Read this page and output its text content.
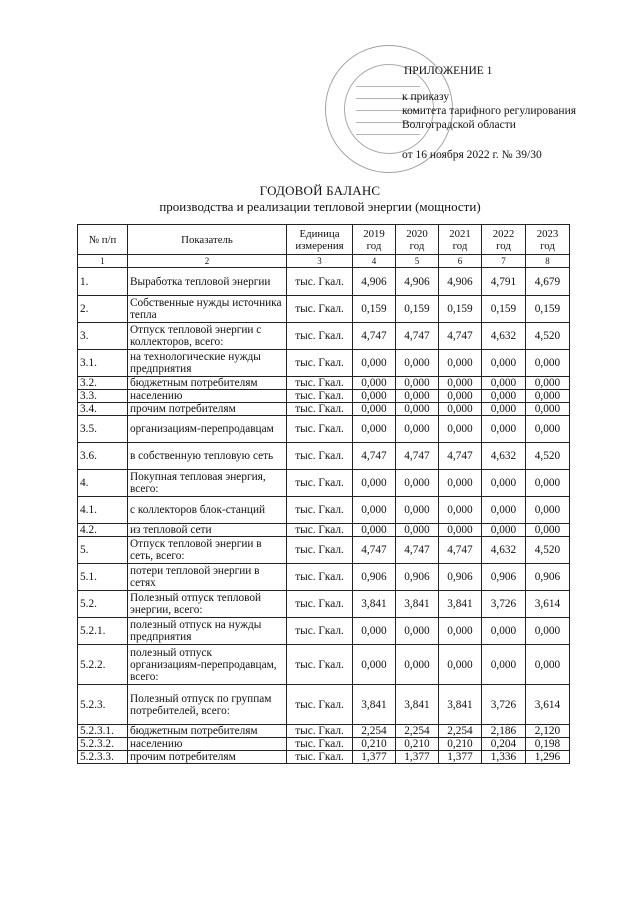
ПРИЛОЖЕНИЕ 1
к приказу
комитета тарифного регулирования
Волгоградской области
от 16 ноября 2022 г. № 39/30
ГОДОВОЙ БАЛАНС
производства и реализации тепловой энергии (мощности)
№ п/п	Показатель	Единица измерения	2019 год	2020 год	2021 год	2022 год	2023 год
1	2	3	4	5	6	7	8
1.	Выработка тепловой энергии	тыс. Гкал.	4,906	4,906	4,906	4,791	4,679
2.	Собственные нужды источника тепла	тыс. Гкал.	0,159	0,159	0,159	0,159	0,159
3.	Отпуск тепловой энергии с коллекторов, всего:	тыс. Гкал.	4,747	4,747	4,747	4,632	4,520
3.1.	на технологические нужды предприятия	тыс. Гкал.	0,000	0,000	0,000	0,000	0,000
3.2.	бюджетным потребителям	тыс. Гкал.	0,000	0,000	0,000	0,000	0,000
3.3.	населению	тыс. Гкал.	0,000	0,000	0,000	0,000	0,000
3.4.	прочим потребителям	тыс. Гкал.	0,000	0,000	0,000	0,000	0,000
3.5.	организациям-перепродавцам	тыс. Гкал.	0,000	0,000	0,000	0,000	0,000
3.6.	в собственную тепловую сеть	тыс. Гкал.	4,747	4,747	4,747	4,632	4,520
4.	Покупная тепловая энергия, всего:	тыс. Гкал.	0,000	0,000	0,000	0,000	0,000
4.1.	с коллекторов блок-станций	тыс. Гкал.	0,000	0,000	0,000	0,000	0,000
4.2.	из тепловой сети	тыс. Гкал.	0,000	0,000	0,000	0,000	0,000
5.	Отпуск тепловой энергии в сеть, всего:	тыс. Гкал.	4,747	4,747	4,747	4,632	4,520
5.1.	потери тепловой энергии в сетях	тыс. Гкал.	0,906	0,906	0,906	0,906	0,906
5.2.	Полезный отпуск тепловой энергии, всего:	тыс. Гкал.	3,841	3,841	3,841	3,726	3,614
5.2.1.	полезный отпуск на нужды предприятия	тыс. Гкал.	0,000	0,000	0,000	0,000	0,000
5.2.2.	полезный отпуск организациям-перепродавцам, всего:	тыс. Гкал.	0,000	0,000	0,000	0,000	0,000
5.2.3.	Полезный отпуск по группам потребителей, всего:	тыс. Гкал.	3,841	3,841	3,841	3,726	3,614
5.2.3.1.	бюджетным потребителям	тыс. Гкал.	2,254	2,254	2,254	2,186	2,120
5.2.3.2.	населению	тыс. Гкал.	0,210	0,210	0,210	0,204	0,198
5.2.3.3.	прочим потребителям	тыс. Гкал.	1,377	1,377	1,377	1,336	1,296
